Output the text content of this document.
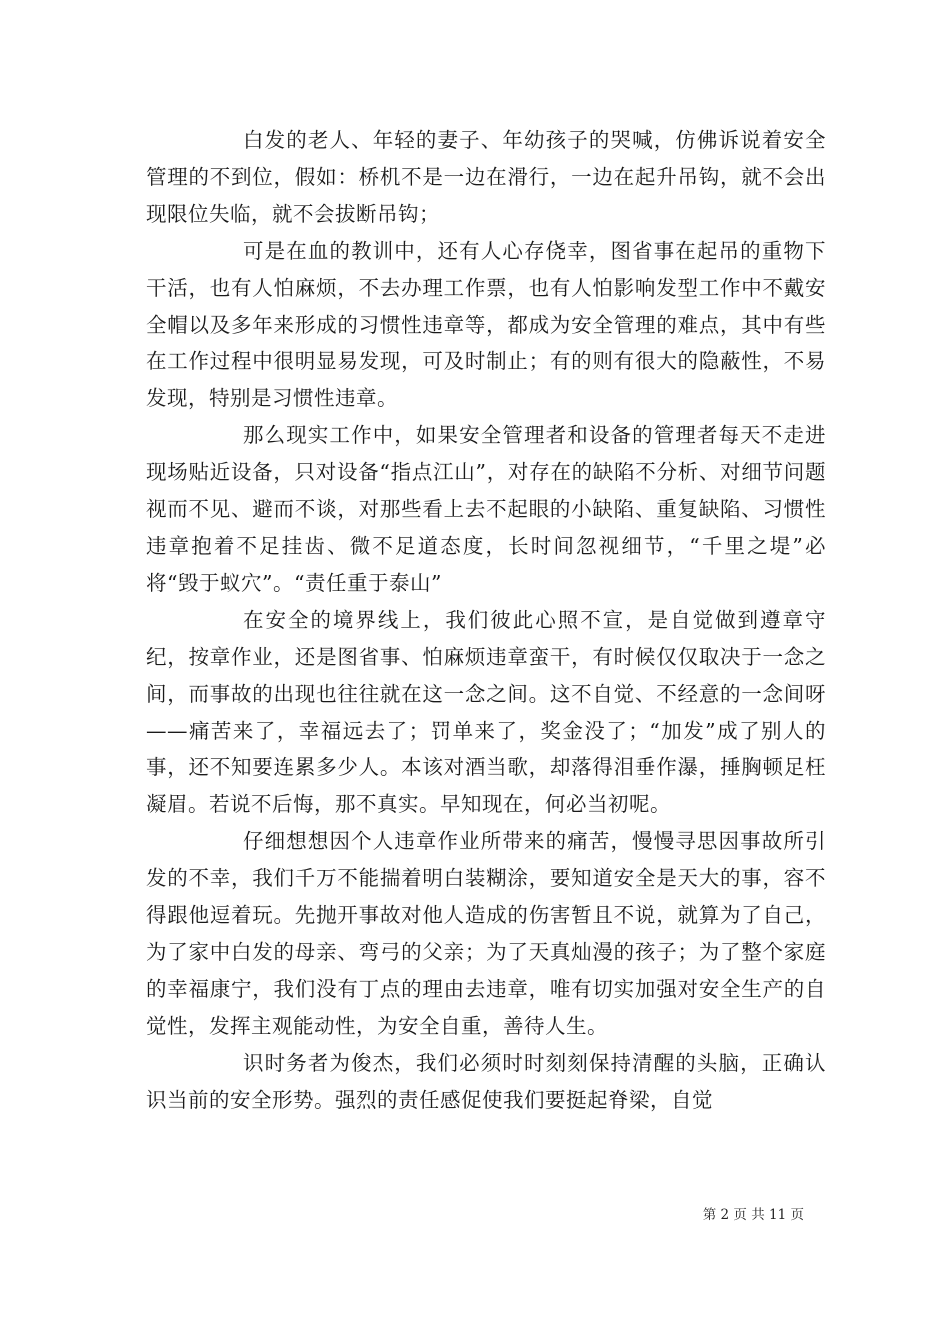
白发的老人、年轻的妻子、年幼孩子的哭喊，仿佛诉说着安全管理的不到位，假如：桥机不是一边在滑行，一边在起升吊钩，就不会出现限位失临，就不会拔断吊钩；

可是在血的教训中，还有人心存侥幸，图省事在起吊的重物下干活，也有人怕麻烦，不去办理工作票，也有人怕影响发型工作中不戴安全帽以及多年来形成的习惯性违章等，都成为安全管理的难点，其中有些在工作过程中很明显易发现，可及时制止；有的则有很大的隐蔽性，不易发现，特别是习惯性违章。

那么现实工作中，如果安全管理者和设备的管理者每天不走进现场贴近设备，只对设备“指点江山”，对存在的缺陷不分析、对细节问题视而不见、避而不谈，对那些看上去不起眼的小缺陷、重复缺陷、习惯性违章抱着不足挂齿、微不足道态度，长时间忽视细节，“千里之堤”必将“毁于蚁穴”。“责任重于泰山”

在安全的境界线上，我们彼此心照不宣，是自觉做到遵章守纪，按章作业，还是图省事、怕麻烦违章蛮干，有时候仅仅取决于一念之间，而事故的出现也往往就在这一念之间。这不自觉、不经意的一念间呀——痛苦来了，幸福远去了；罚单来了，奖金没了；“加发”成了别人的事，还不知要连累多少人。本该对酒当歌，却落得泪垂作瀑，捶胸顿足枉凝眉。若说不后悔，那不真实。早知现在，何必当初呢。

仔细想想因个人违章作业所带来的痛苦，慢慢寻思因事故所引发的不幸，我们千万不能揣着明白装糊涂，要知道安全是天大的事，容不得跟他逗着玩。先抛开事故对他人造成的伤害暂且不说，就算为了自己，为了家中白发的母亲、弯弓的父亲；为了天真灿漫的孩子；为了整个家庭的幸福康宁，我们没有丁点的理由去违章，唯有切实加强对安全生产的自觉性，发挥主观能动性，为安全自重，善待人生。

识时务者为俊杰，我们必须时时刻刻保持清醒的头脑，正确认识当前的安全形势。强烈的责任感促使我们要挺起脊梁，自觉

第 2 页 共 11 页
